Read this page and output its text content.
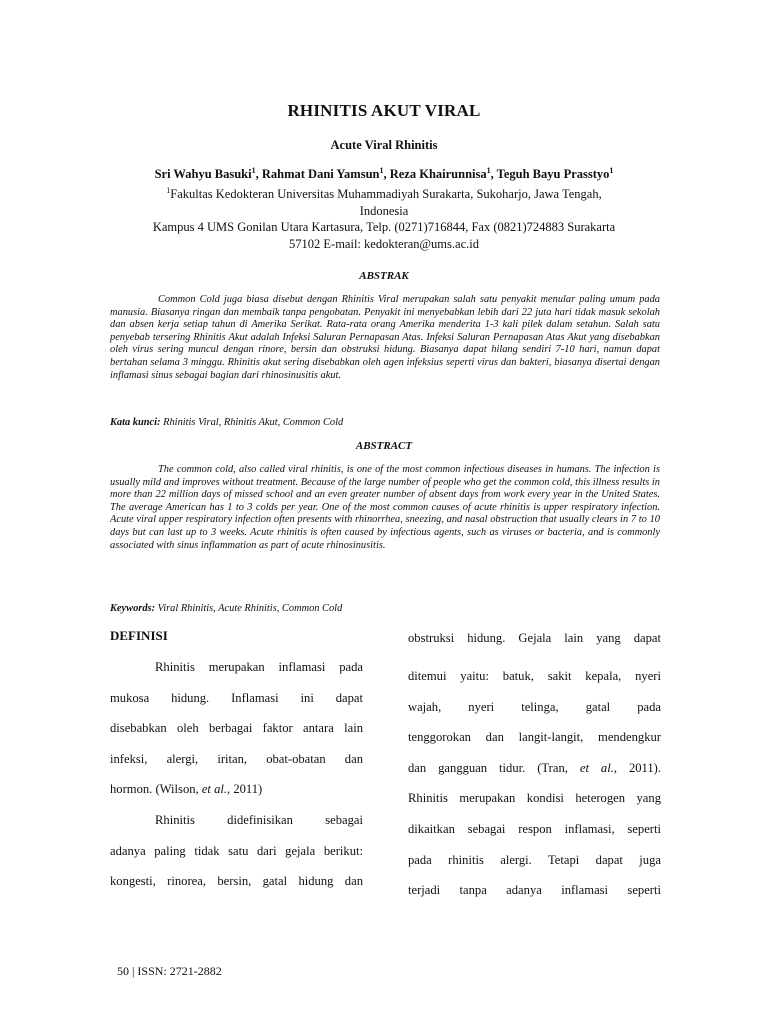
RHINITIS AKUT VIRAL
Acute Viral Rhinitis
Sri Wahyu Basuki$^1$, Rahmat Dani Yamsun$^1$, Reza Khairunnisa$^1$, Teguh Bayu Prasstyo$^1$
$^1$Fakultas Kedokteran Universitas Muhammadiyah Surakarta, Sukoharjo, Jawa Tengah,
Indonesia
Kampus 4 UMS Gonilan Utara Kartasura, Telp. (0271)716844, Fax (0821)724883 Surakarta
57102 E-mail: kedokteran@ums.ac.id
ABSTRAK
Common Cold juga biasa disebut dengan Rhinitis Viral merupakan salah satu penyakit menular paling umum pada manusia. Biasanya ringan dan membaik tanpa pengobatan. Penyakit ini menyebabkan lebih dari 22 juta hari tidak masuk sekolah dan absen kerja setiap tahun di Amerika Serikat. Rata-rata orang Amerika menderita 1-3 kali pilek dalam setahun. Salah satu penyebab tersering Rhinitis Akut adalah Infeksi Saluran Pernapasan Atas. Infeksi Saluran Pernapasan Atas Akut yang disebabkan oleh virus sering muncul dengan rinore, bersin dan obstruksi hidung. Biasanya dapat hilang sendiri 7-10 hari, namun dapat bertahan selama 3 minggu. Rhinitis akut sering disebabkan oleh agen infeksius seperti virus dan bakteri, biasanya disertai dengan inflamasi sinus sebagai bagian dari rhinosinusitis akut.
Kata kunci: Rhinitis Viral, Rhinitis Akut, Common Cold
ABSTRACT
The common cold, also called viral rhinitis, is one of the most common infectious diseases in humans. The infection is usually mild and improves without treatment. Because of the large number of people who get the common cold, this illness results in more than 22 million days of missed school and an even greater number of absent days from work every year in the United States. The average American has 1 to 3 colds per year. One of the most common causes of acute rhinitis is upper respiratory infection. Acute viral upper respiratory infection often presents with rhinorrhea, sneezing, and nasal obstruction that usually clears in 7 to 10 days but can last up to 3 weeks. Acute rhinitis is often caused by infectious agents, such as viruses or bacteria, and is commonly associated with sinus inflammation as part of acute rhinosinusitis.
Keywords: Viral Rhinitis, Acute Rhinitis, Common Cold
DEFINISI
Rhinitis merupakan inflamasi pada
mukosa hidung. Inflamasi ini dapat
disebabkan oleh berbagai faktor antara lain
infeksi, alergi, iritan, obat-obatan dan
hormon. (Wilson, et al., 2011)
Rhinitis didefinisikan sebagai
adanya paling tidak satu dari gejala berikut:
kongesti, rinorea, bersin, gatal hidung dan
obstruksi hidung. Gejala lain yang dapat
ditemui yaitu: batuk, sakit kepala, nyeri
wajah, nyeri telinga, gatal pada
tenggorokan dan langit-langit, mendengkur
dan gangguan tidur. (Tran, et al., 2011).
Rhinitis merupakan kondisi heterogen yang
dikaitkan sebagai respon inflamasi, seperti
pada rhinitis alergi. Tetapi dapat juga
terjadi tanpa adanya inflamasi seperti
50 | ISSN: 2721-2882
